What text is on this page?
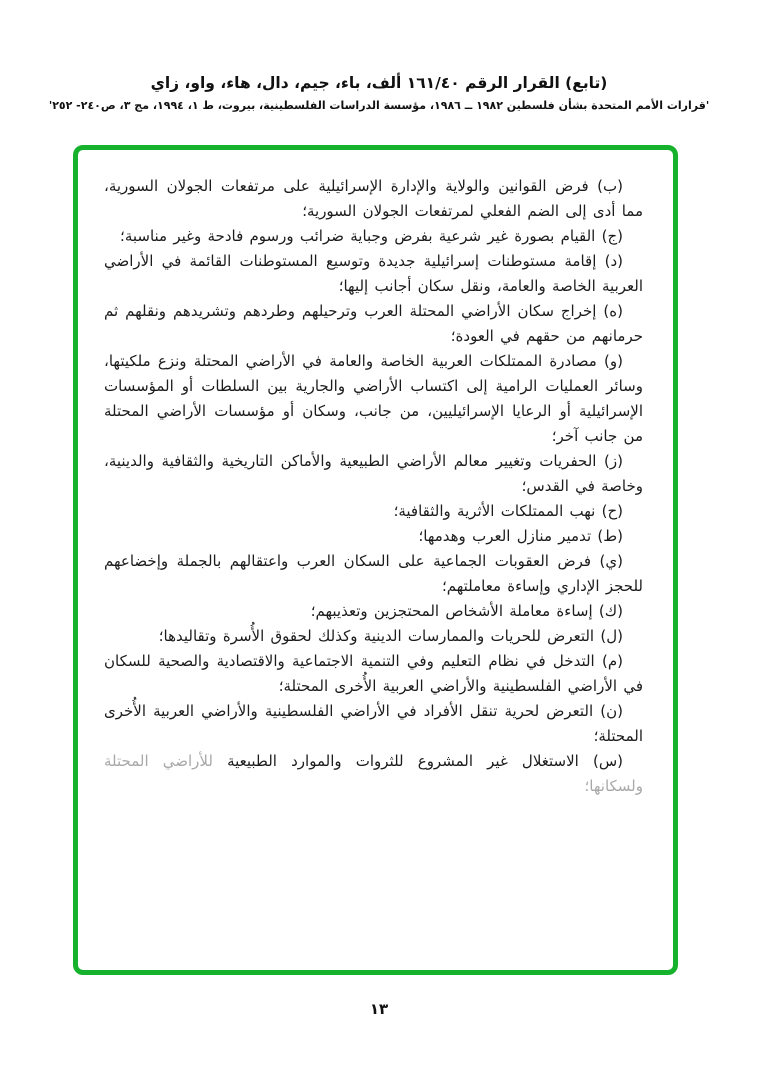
(تابع) القرار الرقم ١٦١/٤٠ ألف، باء، جيم، دال، هاء، واو، زاي

'قرارات الأمم المتحدة بشأن فلسطين ١٩٨٢ ــ ١٩٨٦، مؤسسة الدراسات الفلسطينية، بيروت، ط ١، ١٩٩٤، مج ٣، ص٢٤٠- ٢٥٢'

(ب) فرض القوانين والولاية والإدارة الإسرائيلية على مرتفعات الجولان السورية، مما أدى إلى الضم الفعلي لمرتفعات الجولان السورية؛

(ج) القيام بصورة غير شرعية بفرض وجباية ضرائب ورسوم فادحة وغير مناسبة؛

(د) إقامة مستوطنات إسرائيلية جديدة وتوسيع المستوطنات القائمة في الأراضي العربية الخاصة والعامة، ونقل سكان أجانب إليها؛

(ه) إخراج سكان الأراضي المحتلة العرب وترحيلهم وطردهم وتشريدهم ونقلهم ثم حرمانهم من حقهم في العودة؛

(و) مصادرة الممتلكات العربية الخاصة والعامة في الأراضي المحتلة ونزع ملكيتها، وسائر العمليات الرامية إلى اكتساب الأراضي والجارية بين السلطات أو المؤسسات الإسرائيلية أو الرعايا الإسرائيليين، من جانب، وسكان أو مؤسسات الأراضي المحتلة من جانب آخر؛

(ز) الحفريات وتغيير معالم الأراضي الطبيعية والأماكن التاريخية والثقافية والدينية، وخاصة في القدس؛

(ح) نهب الممتلكات الأثرية والثقافية؛

(ط) تدمير منازل العرب وهدمها؛

(ي) فرض العقوبات الجماعية على السكان العرب واعتقالهم بالجملة وإخضاعهم للحجز الإداري وإساءة معاملتهم؛

(ك) إساءة معاملة الأشخاص المحتجزين وتعذيبهم؛

(ل) التعرض للحريات والممارسات الدينية وكذلك لحقوق الأُسرة وتقاليدها؛

(م) التدخل في نظام التعليم وفي التنمية الاجتماعية والاقتصادية والصحية للسكان في الأراضي الفلسطينية والأراضي العربية الأُخرى المحتلة؛

(ن) التعرض لحرية تنقل الأفراد في الأراضي الفلسطينية والأراضي العربية الأُخرى المحتلة؛

(س) الاستغلال غير المشروع للثروات والموارد الطبيعية للأراضي المحتلة ولسكانها؛

١٣
